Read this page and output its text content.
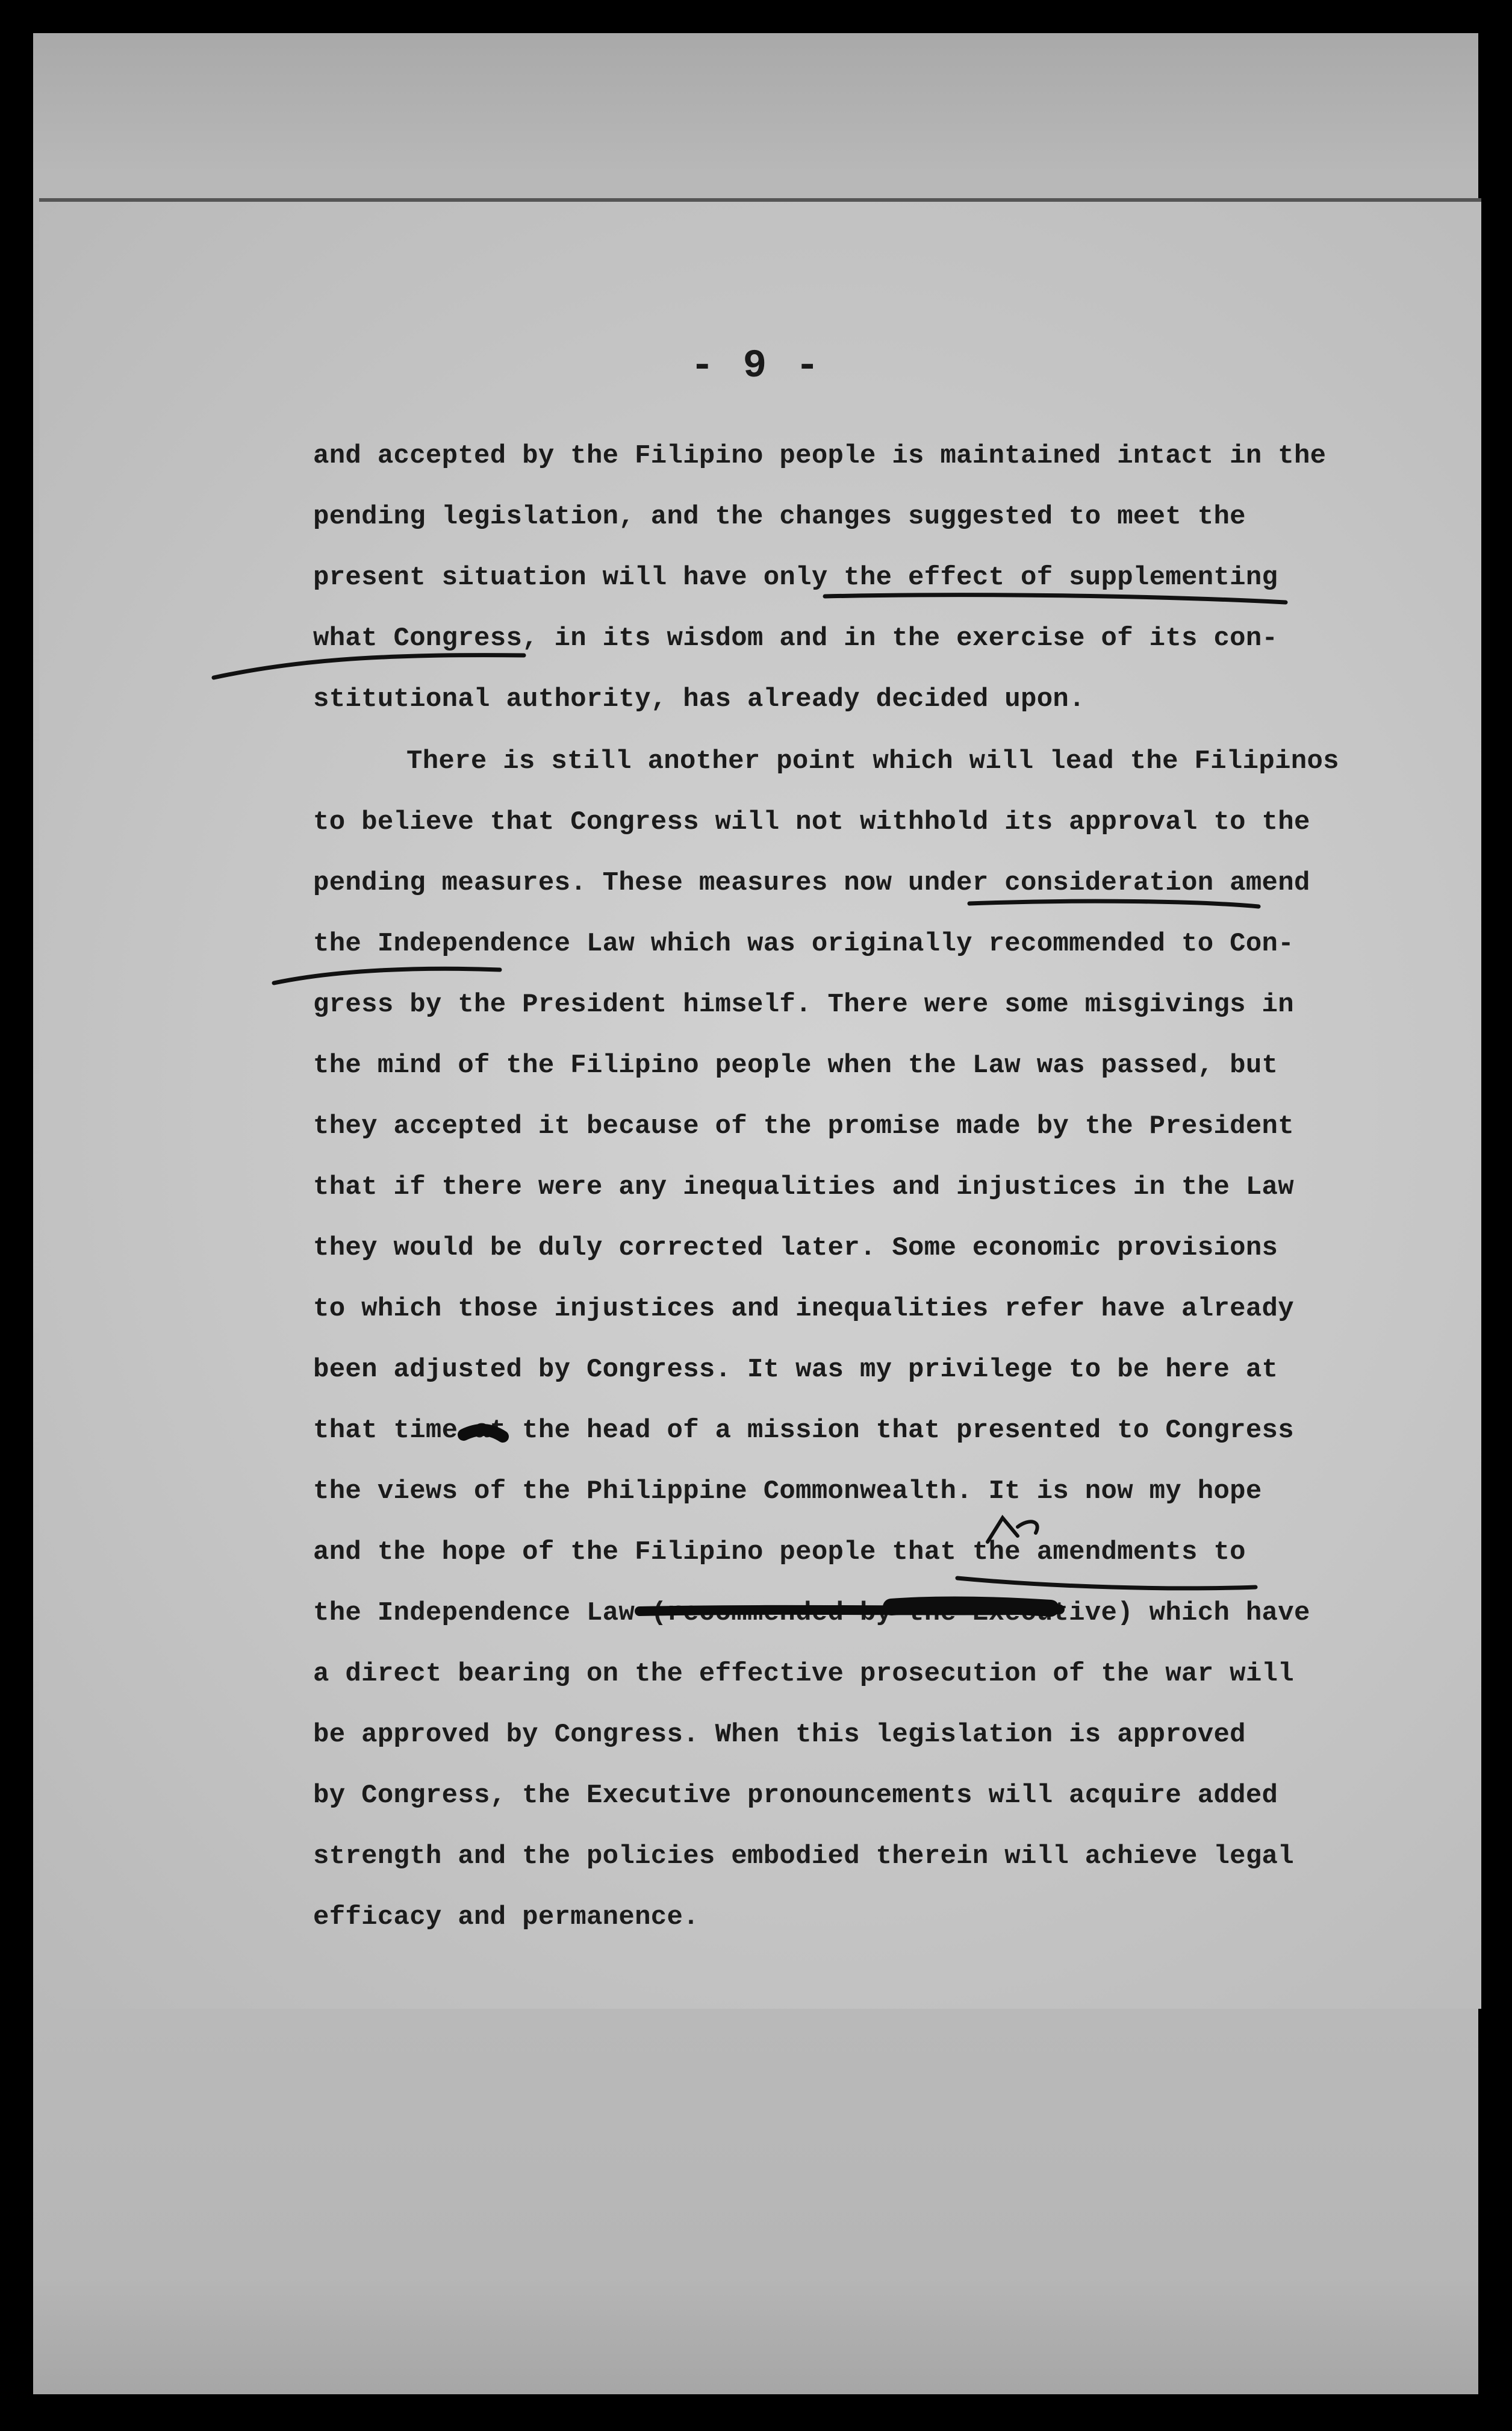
- 9 -
and accepted by the Filipino people is maintained intact in the
pending legislation, and the changes suggested to meet the
present situation will have only the effect of supplementing
what Congress, in its wisdom and in the exercise of its con-
stitutional authority, has already decided upon.
There is still another point which will lead the Filipinos
to believe that Congress will not withhold its approval to the
pending measures. These measures now under consideration amend
the Independence Law which was originally recommended to Con-
gress by the President himself. There were some misgivings in
the mind of the Filipino people when the Law was passed, but
they accepted it because of the promise made by the President
that if there were any inequalities and injustices in the Law
they would be duly corrected later. Some economic provisions
to which those injustices and inequalities refer have already
been adjusted by Congress. It was my privilege to be here at
that time at the head of a mission that presented to Congress
the views of the Philippine Commonwealth. It is now my hope
and the hope of the Filipino people that the amendments to
the Independence Law (recommended by the Executive) which have
a direct bearing on the effective prosecution of the war will
be approved by Congress. When this legislation is approved
by Congress, the Executive pronouncements will acquire added
strength and the policies embodied therein will achieve legal
efficacy and permanence.
